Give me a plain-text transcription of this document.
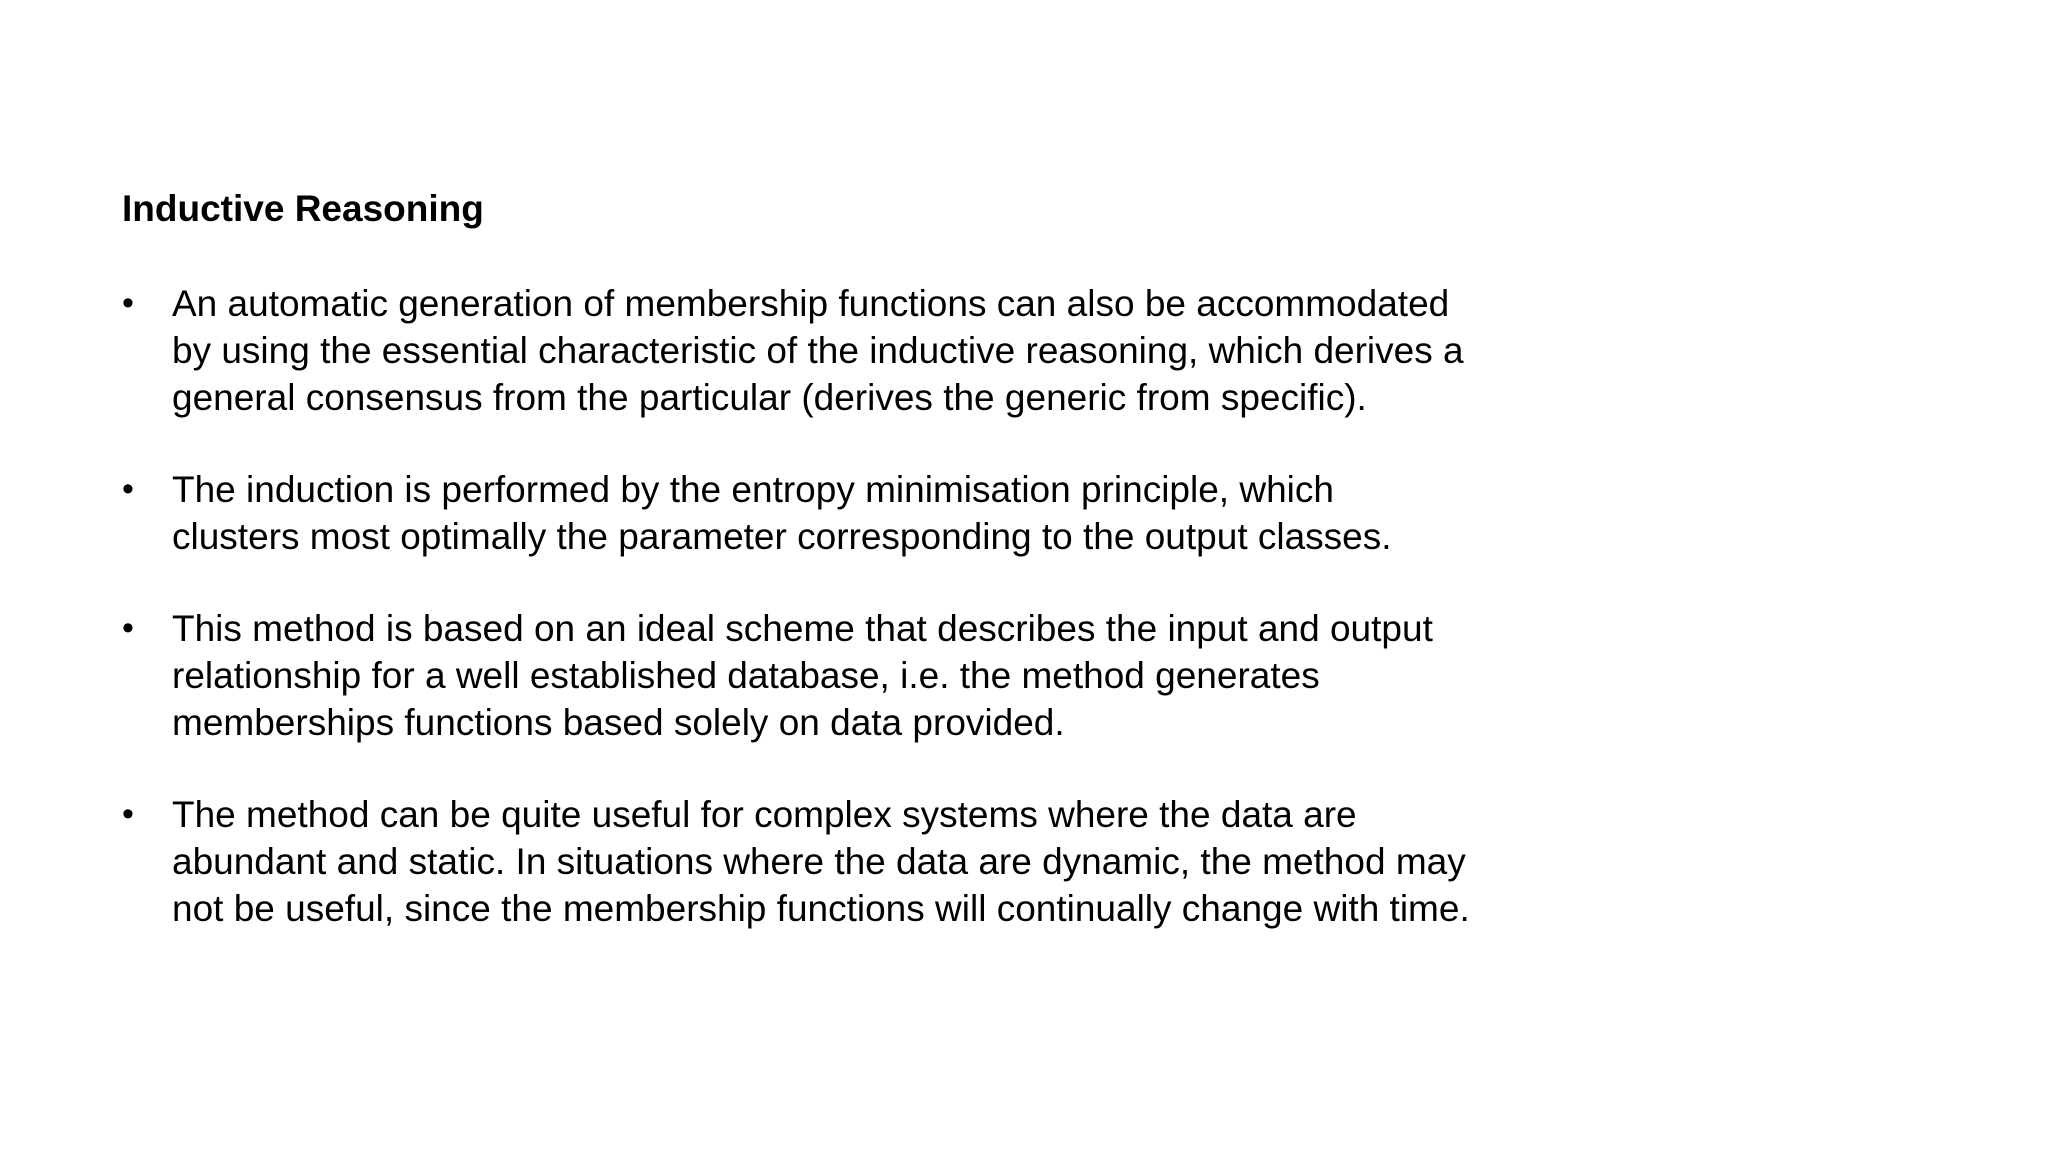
Inductive Reasoning
• An automatic generation of membership functions can also be accommodated
by using the essential characteristic of the inductive reasoning, which derives a
general consensus from the particular (derives the generic from specific).
• The induction is performed by the entropy minimisation principle, which
clusters most optimally the parameter corresponding to the output classes.
• This method is based on an ideal scheme that describes the input and output
relationship for a well established database, i.e. the method generates
memberships functions based solely on data provided.
• The method can be quite useful for complex systems where the data are
abundant and static. In situations where the data are dynamic, the method may
not be useful, since the membership functions will continually change with time.
